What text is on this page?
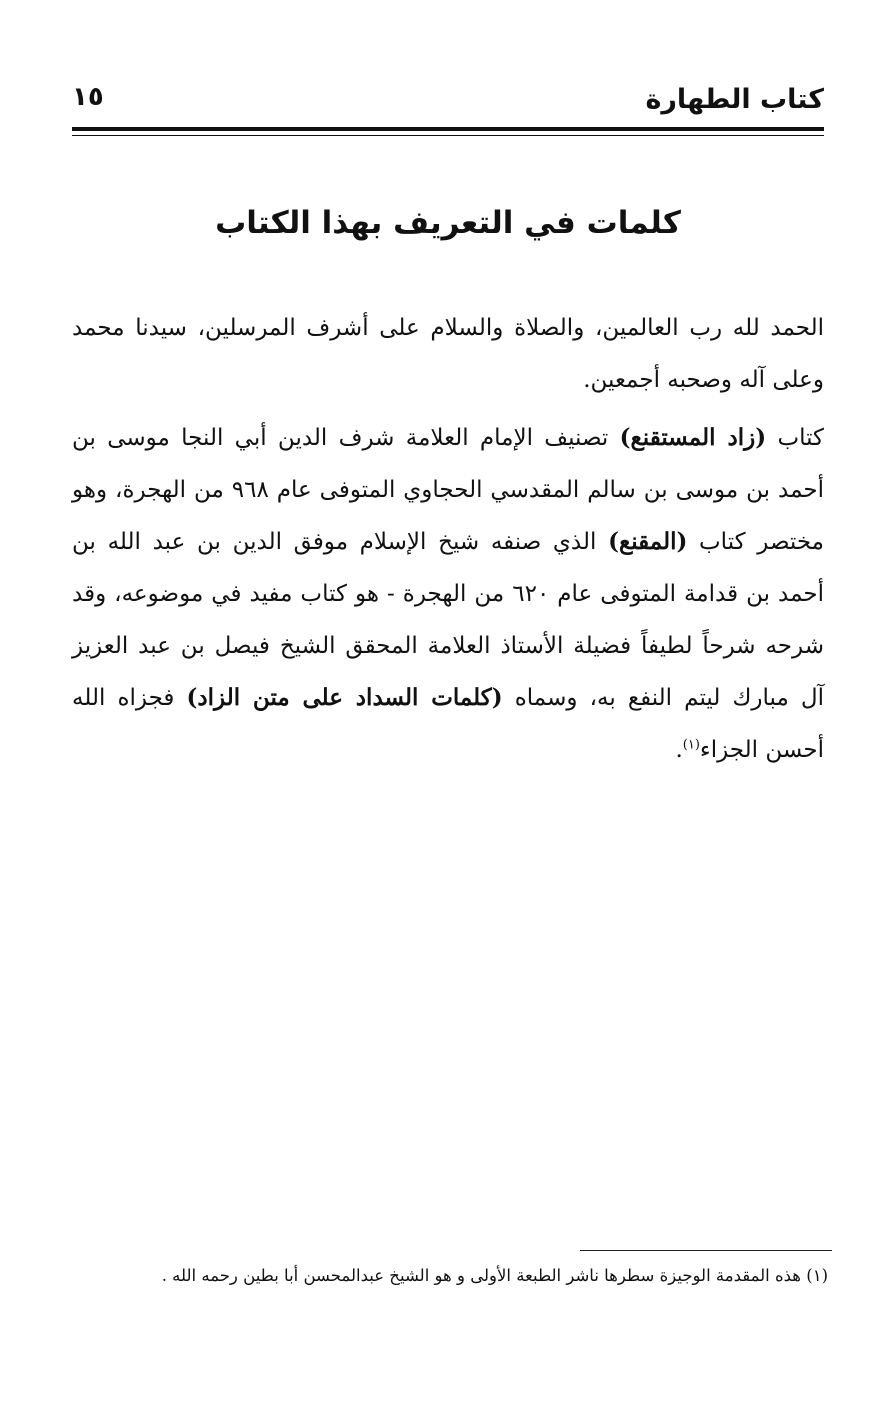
كتاب الطهارة
١٥
كلمات في التعريف بهذا الكتاب

الحمد لله رب العالمين، والصلاة والسلام على أشرف المرسلين، سيدنا محمد وعلى آله وصحبه أجمعين.

كتاب (زاد المستقنع) تصنيف الإمام العلامة شرف الدين أبي النجا موسى بن أحمد بن موسى بن سالم المقدسي الحجاوي المتوفى عام ٩٦٨ من الهجرة، وهو مختصر كتاب (المقنع) الذي صنفه شيخ الإسلام موفق الدين بن عبد الله بن أحمد بن قدامة المتوفى عام ٦٢٠ من الهجرة - هو كتاب مفيد في موضوعه، وقد شرحه شرحاً لطيفاً فضيلة الأستاذ العلامة المحقق الشيخ فيصل بن عبد العزيز آل مبارك ليتم النفع به، وسماه (كلمات السداد على متن الزاد) فجزاه الله أحسن الجزاء$^{(١)}$.

(١) هذه المقدمة الوجيزة سطرها ناشر الطبعة الأولى و هو الشيخ عبدالمحسن أبا بطين رحمه الله .
